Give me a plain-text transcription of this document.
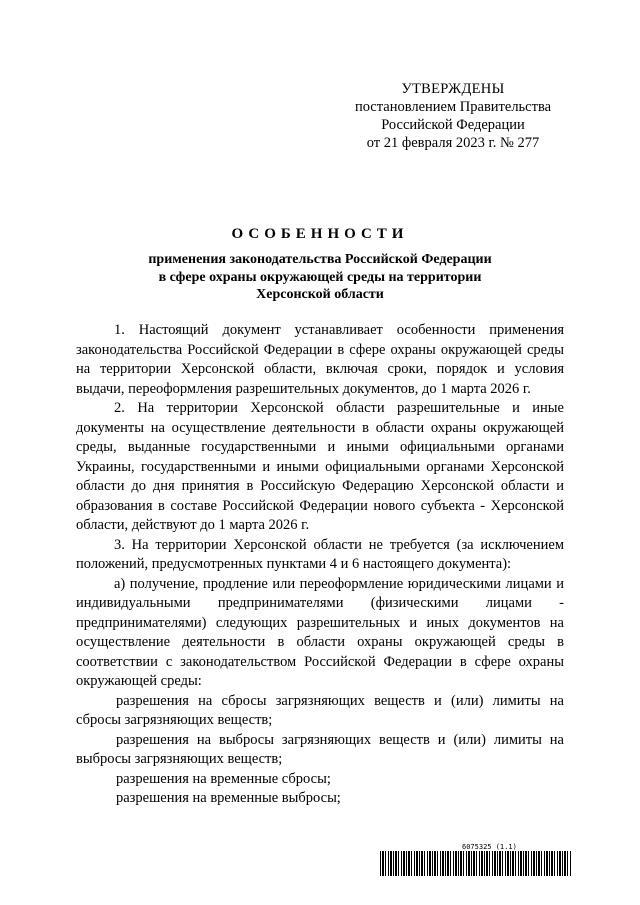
УТВЕРЖДЕНЫ
постановлением Правительства
Российской Федерации
от 21 февраля 2023 г. № 277
ОСОБЕННОСТИ
применения законодательства Российской Федерации
в сфере охраны окружающей среды на территории
Херсонской области

1. Настоящий документ устанавливает особенности применения законодательства Российской Федерации в сфере охраны окружающей среды на территории Херсонской области, включая сроки, порядок и условия выдачи, переоформления разрешительных документов, до 1 марта 2026 г.

2. На территории Херсонской области разрешительные и иные документы на осуществление деятельности в области охраны окружающей среды, выданные государственными и иными официальными органами Украины, государственными и иными официальными органами Херсонской области до дня принятия в Российскую Федерацию Херсонской области и образования в составе Российской Федерации нового субъекта - Херсонской области, действуют до 1 марта 2026 г.

3. На территории Херсонской области не требуется (за исключением положений, предусмотренных пунктами 4 и 6 настоящего документа):

а) получение, продление или переоформление юридическими лицами и индивидуальными предпринимателями (физическими лицами - предпринимателями) следующих разрешительных и иных документов на осуществление деятельности в области охраны окружающей среды в соответствии с законодательством Российской Федерации в сфере охраны окружающей среды:

разрешения на сбросы загрязняющих веществ и (или) лимиты на сбросы загрязняющих веществ;

разрешения на выбросы загрязняющих веществ и (или) лимиты на выбросы загрязняющих веществ;

разрешения на временные сбросы;

разрешения на временные выбросы;

6075325 (1.1)
